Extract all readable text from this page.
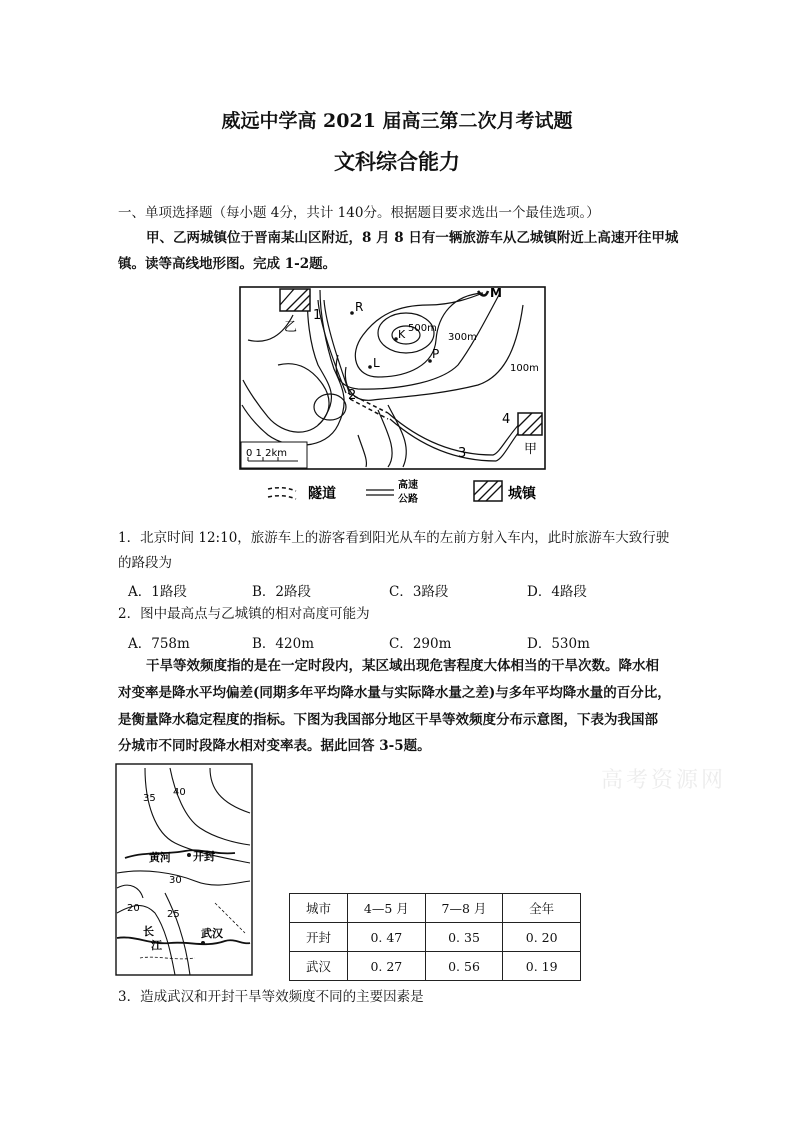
威远中学高 2021 届高三第二次月考试题
文科综合能力
一、单项选择题（每小题 4分，共计 140分。根据题目要求选出一个最佳选项。）
甲、乙两城镇位于晋南某山区附近，8 月 8 日有一辆旅游车从乙城镇附近上高速开往甲城
镇。读等高线地形图。完成 1-2题。
乙
甲
1
2
3
4
R
K
L
P
M
500m
300m
100m
0 1 2km
隧道
高速
公路	城镇
1．北京时间 12:10，旅游车上的游客看到阳光从车的左前方射入车内，此时旅游车大致行驶
的路段为
A．1路段	B．2路段	C．3路段	D．4路段
2．图中最高点与乙城镇的相对高度可能为
A．758m	B．420m	C．290m	D．530m
干旱等效频度指的是在一定时段内，某区域出现危害程度大体相当的干旱次数。降水相
对变率是降水平均偏差(同期多年平均降水量与实际降水量之差)与多年平均降水量的百分比，
是衡量降水稳定程度的指标。下图为我国部分地区干旱等效频度分布示意图，下表为我国部
分城市不同时段降水相对变率表。据此回答 3-5题。
35
40
30
20
25
黄河 开封
长
江
武汉
高考资源网
城市	4—5 月	7—8 月	全年
开封	0. 47	0. 35	0. 20
武汉	0. 27	0. 56	0. 19
3．造成武汉和开封干旱等效频度不同的主要因素是
